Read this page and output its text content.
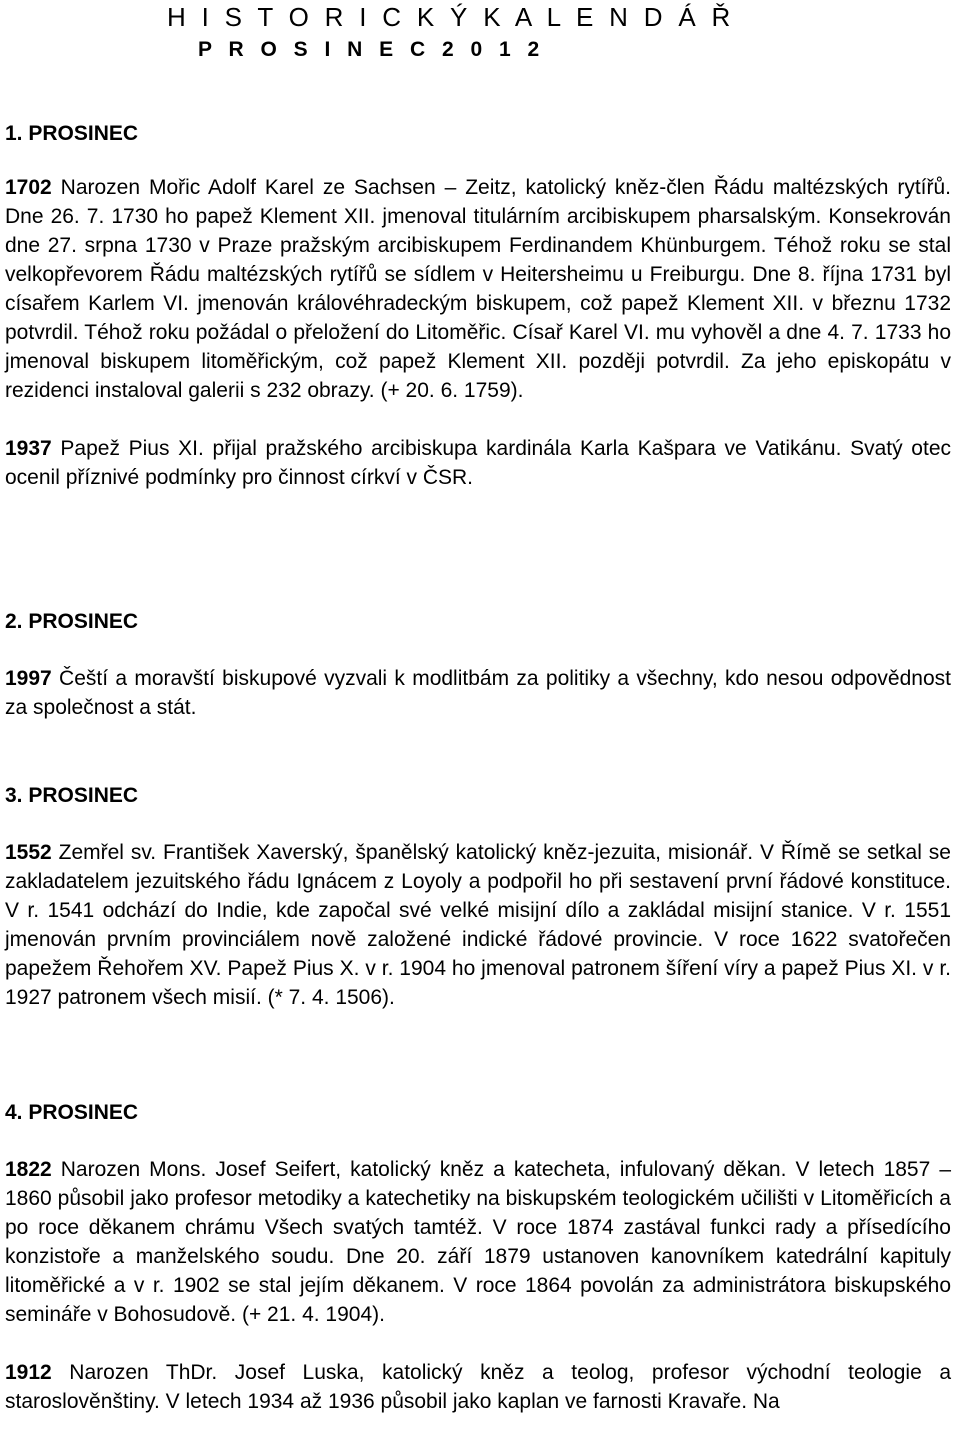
H I S T O R I C K Ý K A L E N D Á Ř
P R O S I N E C 2 0 1 2
1. PROSINEC

1702 Narozen Mořic Adolf Karel ze Sachsen – Zeitz, katolický kněz-člen Řádu maltézských rytířů. Dne 26. 7. 1730 ho papež Klement XII. jmenoval titulárním arcibiskupem pharsalským. Konsekrován dne 27. srpna 1730 v Praze pražským arcibiskupem Ferdinandem Khünburgem. Téhož roku se stal velkopřevorem Řádu maltézských rytířů se sídlem v Heitersheimu u Freiburgu. Dne 8. října 1731 byl císařem Karlem VI. jmenován královéhradeckým biskupem, což papež Klement XII. v březnu 1732 potvrdil. Téhož roku požádal o přeložení do Litoměřic. Císař Karel VI. mu vyhověl a dne 4. 7. 1733 ho jmenoval biskupem litoměřickým, což papež Klement XII. později potvrdil. Za jeho episkopátu v rezidenci instaloval galerii s 232 obrazy. (+ 20. 6. 1759).

1937 Papež Pius XI. přijal pražského arcibiskupa kardinála Karla Kašpara ve Vatikánu. Svatý otec ocenil příznivé podmínky pro činnost církví v ČSR.

2. PROSINEC

1997 Čeští a moravští biskupové vyzvali k modlitbám za politiky a všechny, kdo nesou odpovědnost za společnost a stát.

3. PROSINEC

1552 Zemřel sv. František Xaverský, španělský katolický kněz-jezuita, misionář. V Římě se setkal se zakladatelem jezuitského řádu Ignácem z Loyoly a podpořil ho při sestavení první řádové konstituce. V r. 1541 odchází do Indie, kde započal své velké misijní dílo a zakládal misijní stanice. V r. 1551 jmenován prvním provinciálem nově založené indické řádové provincie. V roce 1622 svatořečen papežem Řehořem XV. Papež Pius X. v r. 1904 ho jmenoval patronem šíření víry a papež Pius XI. v r. 1927 patronem všech misií. (* 7. 4. 1506).

4. PROSINEC

1822 Narozen Mons. Josef Seifert, katolický kněz a katecheta, infulovaný děkan. V letech 1857 – 1860 působil jako profesor metodiky a katechetiky na biskupském teologickém učilišti v Litoměřicích a po roce děkanem chrámu Všech svatých tamtéž. V roce 1874 zastával funkci rady a přísedícího konzistoře a manželského soudu. Dne 20. září 1879 ustanoven kanovníkem katedrální kapituly litoměřické a v r. 1902 se stal jejím děkanem. V roce 1864 povolán za administrátora biskupského semináře v Bohosudově. (+ 21. 4. 1904).

1912 Narozen ThDr. Josef Luska, katolický kněz a teolog, profesor východní teologie a staroslověnštiny. V letech 1934 až 1936 působil jako kaplan ve farnosti Kravaře. Na
